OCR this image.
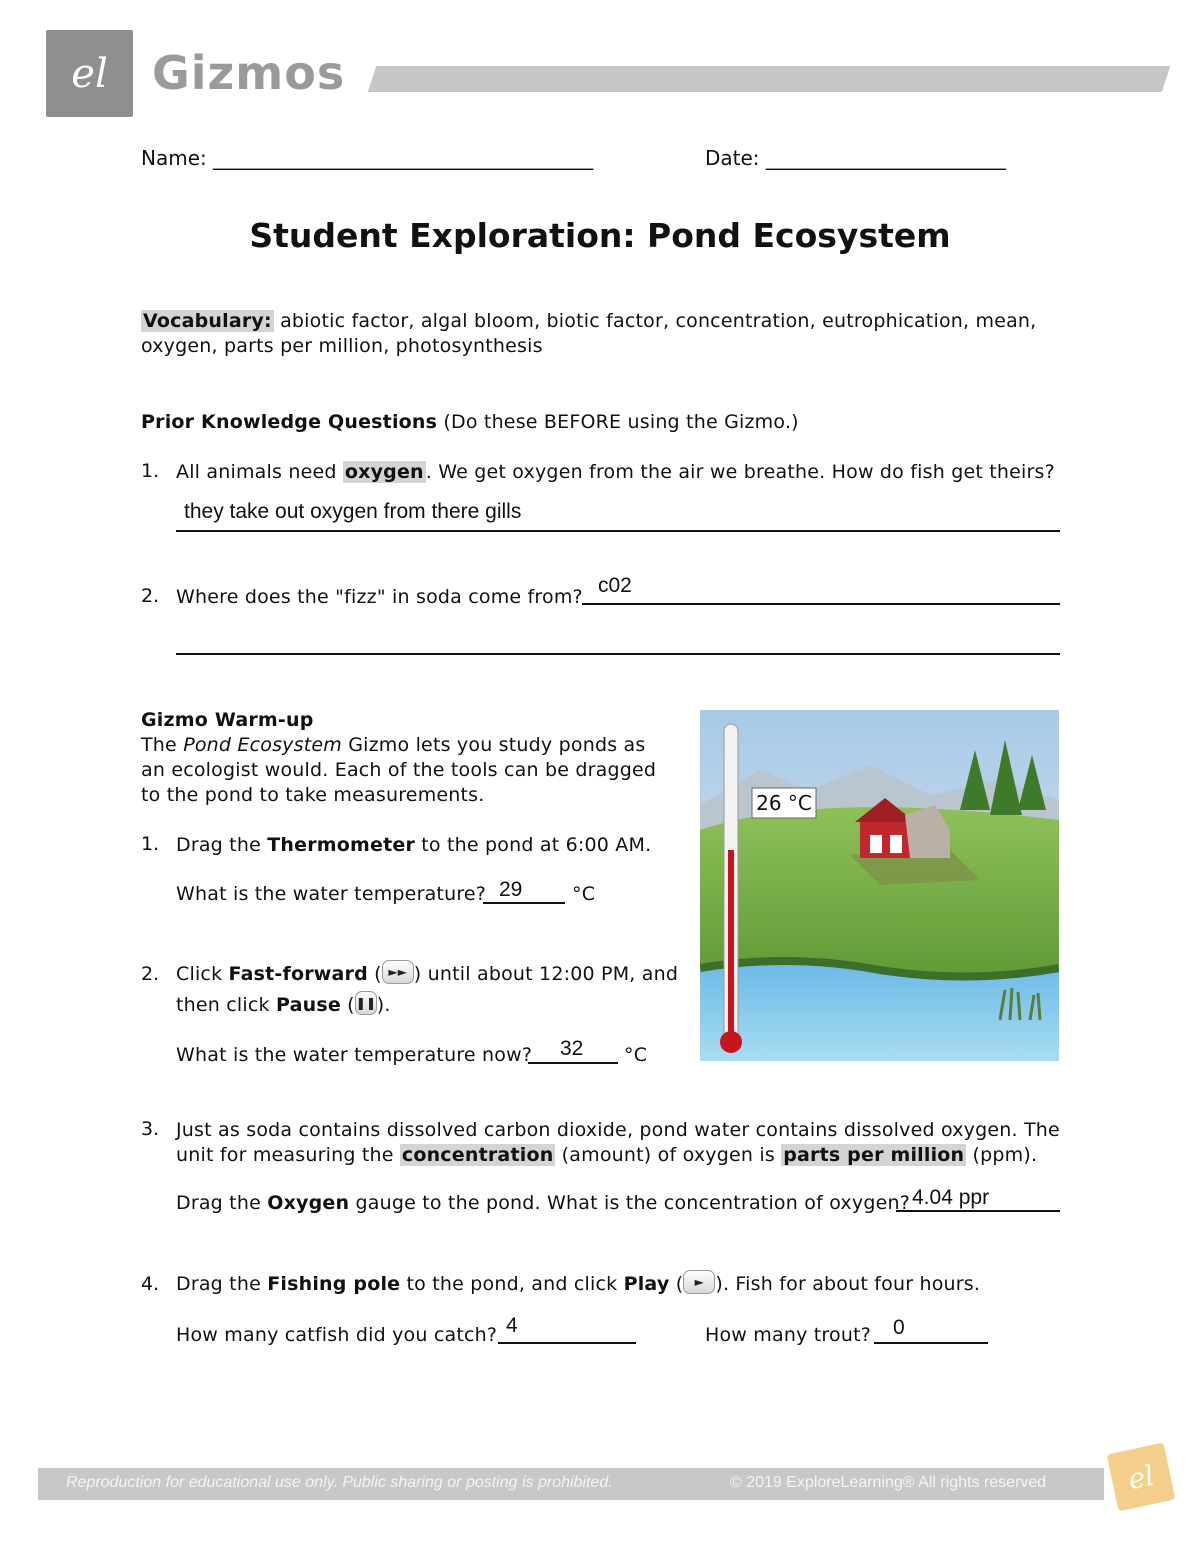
el Gizmos
Name: ______________________________________	Date: ________________________
Student Exploration: Pond Ecosystem
Vocabulary: abiotic factor, algal bloom, biotic factor, concentration, eutrophication, mean,
oxygen, parts per million, photosynthesis
Prior Knowledge Questions (Do these BEFORE using the Gizmo.)
1. All animals need oxygen . We get oxygen from the air we breathe. How do fish get theirs?
they take out oxygen from there gills
2. Where does the "fizz" in soda come from? c02
Gizmo Warm-up
The Pond Ecosystem Gizmo lets you study ponds as
an ecologist would. Each of the tools can be dragged
to the pond to take measurements.
1. Drag the Thermometer to the pond at 6:00 AM.
What is the water temperature? 29	°C
2. Click Fast-forward ( ►► ) until about 12:00 PM, and
then click Pause (❚❚).
What is the water temperature now? 32 °C
26 °C
3. Just as soda contains dissolved carbon dioxide, pond water contains dissolved oxygen. The
unit for measuring the concentration (amount) of oxygen is parts per million (ppm).
Drag the Oxygen gauge to the pond. What is the concentration of oxygen? 4.04 ppr
4. Drag the Fishing pole to the pond, and click Play ( ► ). Fish for about four hours.
How many catfish did you catch? 4	How many trout? 0
Reproduction for educational use only. Public sharing or posting is prohibited.	© 2019 ExploreLearning® All rights reserved	el
